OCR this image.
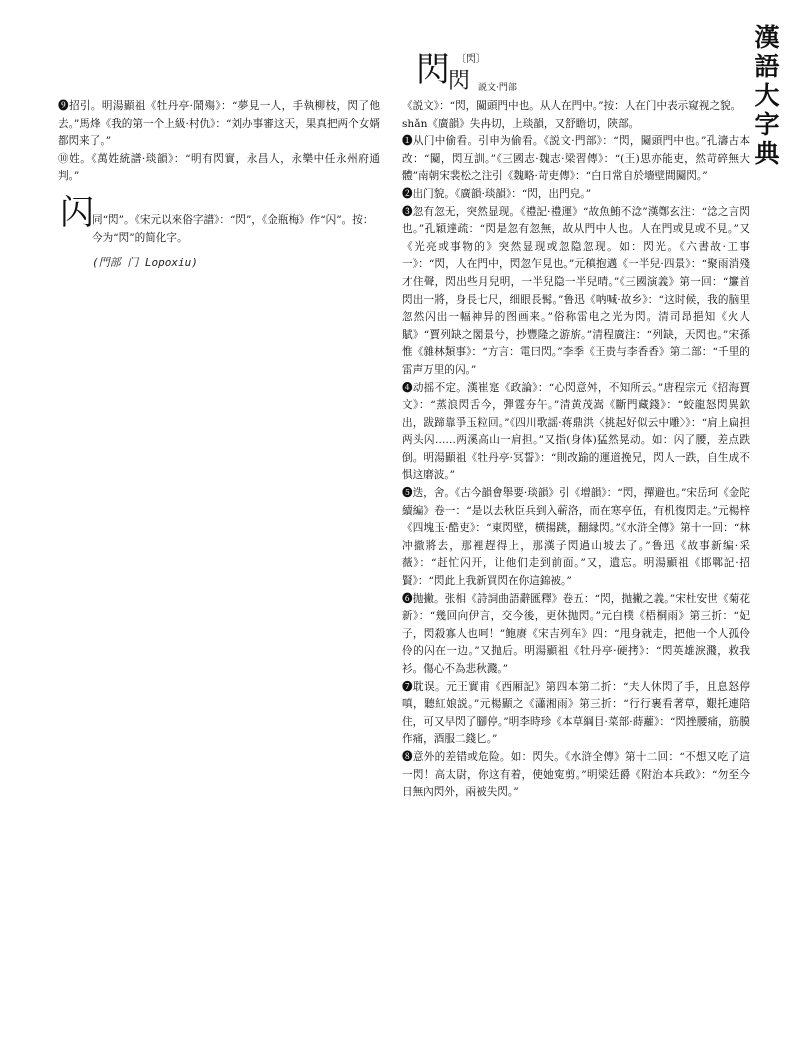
漢語大字典

❾招引。明湯顯祖《牡丹亭·鬧殤》：“夢見一人，手執柳枝，閃了他去。”馬烽《我的第一个上級·村仇》：“刘办事審这天，果真把两个女婿都閃来了。”

⑩姓。《萬姓統譜·琰韻》：“明有閃實，永昌人，永樂中任永州府通判。”

闪
同“閃”。《宋元以來俗字譜》：“閃”，《金瓶梅》作“闪”。按：今为“閃”的简化字。
(門部 门 Lopoxiu)
〔閃〕
閃
閃 説文·門部

《説文》：“閃，闚頭門中也。从人在門中。”按：人在门中表示窥视之貌。

shǎn《廣韻》失冉切，上琰韻，又舒瞻切，陝部。

❶从门中偷看。引申为偷看。《説文·門部》：“閃，闚頭門中也。”孔濤古本改：“闚，閃互訓。”《三國志·魏志·梁習傳》：“(王)思亦能吏，然苛碎無大體”南朝宋裴松之注引《魏略·苛吏傳》：“白日常自於墻壁間闚閃。”

❷出门貌。《廣韻·琰韻》：“閃，出門皃。”

❸忽有忽无，突然显现。《禮記·禮運》“故魚鮪不淰”漢鄭玄注：“淰之言閃也。”孔穎達疏：“閃是忽有忽無，故从門中人也。人在門或見或不見。”又《光亮或事物的》突然显现或忽隐忽现。如：閃光。《六書故·工事一》：“閃，人在門中，閃忽乍見也。”元稹抱邁《一半兒·四景》：“聚雨消殘才住聲，閃出些月兒明，一半兒隐一半兒晴。”《三國演義》第一回：“簾首閃出一將，身長七尺，细眼長髯。”鲁迅《呐喊·故乡》：“这时候，我的脑里忽然闪出一幅神异的图画来。”俗称雷电之光为閃。清司昂挹知《火人賦》“賈列缺之閣景兮，抄豐隆之游旂。”清程廣注：“列缺，天閃也。”宋孫惟《雜林類事》：“方言：電曰閃。”李季《王贵与李香香》第二部：“千里的雷声万里的闪。”

❹动摇不定。漢崔寔《政論》：“心閃意舛，不知所云。”唐程宗元《招海賈文》：“蒸浪閃舌今，彈霆夯午。”清黄茂嵩《斷門藏錢》：“蛟龍怒閃異欽出，跋蹄靠爭玉粒回。”《四川歌謡·蒋鼎洪〈挑起好似云中雕〉》：“肩上扁担两头闪……两溪高山一肩担。”又指(身体)猛然晃动。如：闪了腰，差点跌倒。明湯顯祖《牡丹亭·冥誓》：“則改踰的運道挽兄，閃人一跌，自生成不惧这磨波。”

❺迭，舍。《古今韻會舉要·琰韻》引《增韻》：“閃，撣避也。”宋岳珂《金陀續編》卷一：“是以去秋臣兵到入蕲洛，而在寒亭伍，有机復閃走。”元楊梓《四塊玉·酷吏》：“東閃壁，横揚跳，翻縁閃。”《水浒全傳》第十一回：“林冲撤將去，那裡趕得上，那漢子閃過山坡去了。”鲁迅《故事新编·采薇》：“赶忙闪开，让他们走到前面。”又，遺忘。明湯顯祖《邯鄲記·招賢》：“閃此上我新買閃在你這錦被。”

❻抛撇。张相《詩詞曲語辭匯釋》卷五：“閃，抛撇之義。”宋杜安世《菊花新》：“幾回向伊言，交今後，更休抛閃。”元白樸《梧桐雨》第三折：“妃子，閃殺寡人也呵！”鲍赓《宋吉列车》四：“甩身就走，把他一个人孤伶伶的闪在一边。”又抛后。明湯顯祖《牡丹亭·硬拷》：“閃英雄淚濺，救我衫。傷心不為悲秋濺。”

❼耽误。元王實甫《西厢記》第四本第二折：“夫人休閃了手，且息怒停嗔，聽紅娘説。”元楊顯之《瀟湘雨》第三折：“行行裹看著草，艱托連陪住，可又早閃了腳停。”明李時珍《本草綱目·菜部·蒔蘿》：“閃挫腰痛，筋膜作痛，酒服二錢匕。”

❽意外的差错或危险。如：閃失。《水浒全傳》第十二回：“不想又吃了這一閃！高太尉，你这有着，使她寃剪。”明梁廷爵《附治本兵政》：“勿至今日無內閃外，兩被失閃。”
